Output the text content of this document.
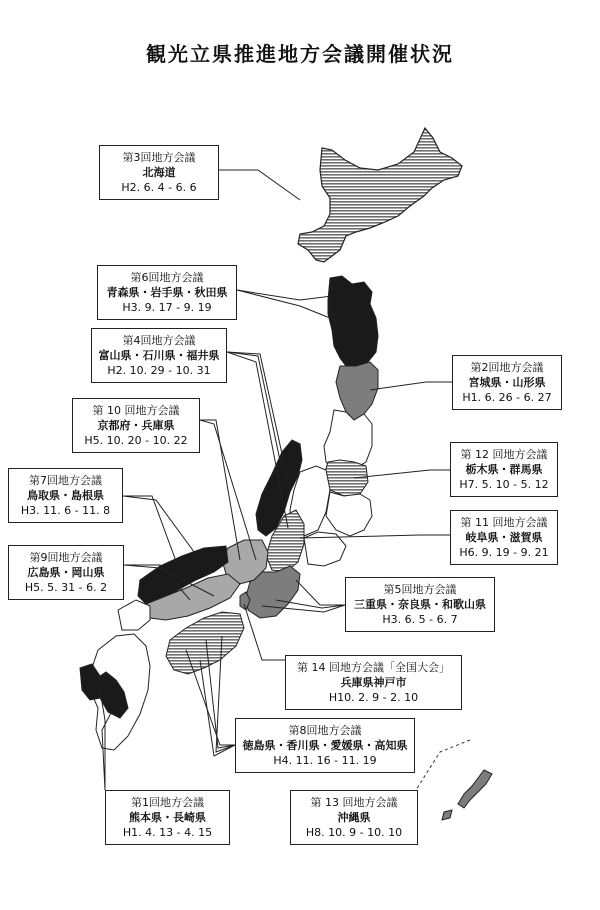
観光立県推進地方会議開催状況
第3回地方会議
北海道
H2. 6. 4 - 6. 6
第6回地方会議
青森県・岩手県・秋田県
H3. 9. 17 - 9. 19
第4回地方会議
富山県・石川県・福井県
H2. 10. 29 - 10. 31	第2回地方会議
宮城県・山形県
H1. 6. 26 - 6. 27
第 10 回地方会議
京都府・兵庫県
H5. 10. 20 - 10. 22
第 12 回地方会議
栃木県・群馬県
H7. 5. 10 - 5. 12
第7回地方会議
鳥取県・島根県
H3. 11. 6 - 11. 8
第 11 回地方会議
岐阜県・滋賀県
H6. 9. 19 - 9. 21
第9回地方会議
広島県・岡山県
H5. 5. 31 - 6. 2	第5回地方会議
三重県・奈良県・和歌山県
H3. 6. 5 - 6. 7
第 14 回地方会議「全国大会」
兵庫県神戸市
H10. 2. 9 - 2. 10
第8回地方会議
徳島県・香川県・愛媛県・高知県
H4. 11. 16 - 11. 19
第1回地方会議
熊本県・長崎県
H1. 4. 13 - 4. 15
第 13 回地方会議
沖縄県
H8. 10. 9 - 10. 10
